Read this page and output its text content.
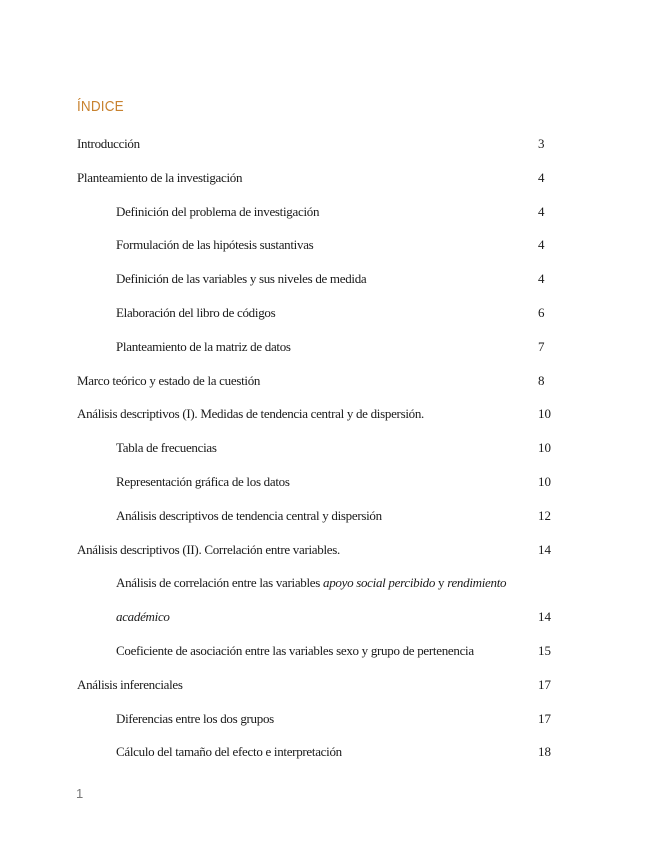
ÍNDICE
Introducción	3
Planteamiento de la investigación	4
Definición del problema de investigación	4
Formulación de las hipótesis sustantivas	4
Definición de las variables y sus niveles de medida	4
Elaboración del libro de códigos	6
Planteamiento de la matriz de datos	7
Marco teórico y estado de la cuestión	8
Análisis descriptivos (I). Medidas de tendencia central y de dispersión.	10
Tabla de frecuencias	10
Representación gráfica de los datos	10
Análisis descriptivos de tendencia central y dispersión	12
Análisis descriptivos (II). Correlación entre variables.	14
Análisis de correlación entre las variables apoyo social percibido y rendimiento
académico	14
Coeficiente de asociación entre las variables sexo y grupo de pertenencia	15
Análisis inferenciales	17
Diferencias entre los dos grupos	17
Cálculo del tamaño del efecto e interpretación	18
1
